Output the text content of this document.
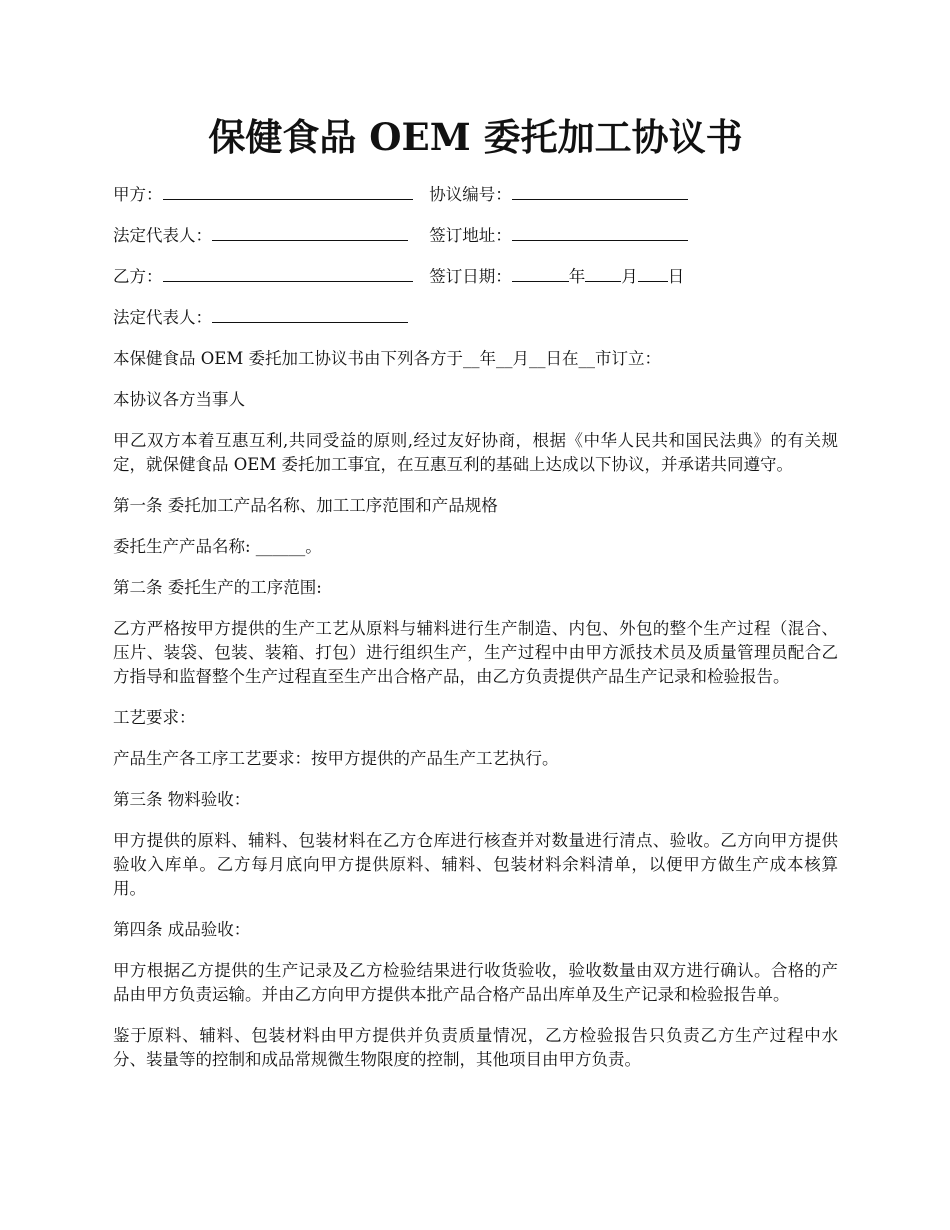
保健食品 OEM 委托加工协议书
甲方：	协议编号：
法定代表人：	签订地址：
乙方：	签订日期：	年 月 日
法定代表人：

本保健食品 OEM 委托加工协议书由下列各方于__年__月__日在__市订立：

本协议各方当事人

甲乙双方本着互惠互利,共同受益的原则,经过友好协商，根据《中华人民共和国民法典》的有关规定，就保健食品 OEM 委托加工事宜，在互惠互利的基础上达成以下协议，并承诺共同遵守。

第一条 委托加工产品名称、加工工序范围和产品规格

委托生产产品名称: ______。

第二条 委托生产的工序范围:

乙方严格按甲方提供的生产工艺从原料与辅料进行生产制造、内包、外包的整个生产过程（混合、压片、装袋、包装、装箱、打包）进行组织生产，生产过程中由甲方派技术员及质量管理员配合乙方指导和监督整个生产过程直至生产出合格产品，由乙方负责提供产品生产记录和检验报告。

工艺要求：

产品生产各工序工艺要求：按甲方提供的产品生产工艺执行。

第三条 物料验收：

甲方提供的原料、辅料、包装材料在乙方仓库进行核查并对数量进行清点、验收。乙方向甲方提供验收入库单。乙方每月底向甲方提供原料、辅料、包装材料余料清单，以便甲方做生产成本核算用。

第四条 成品验收：

甲方根据乙方提供的生产记录及乙方检验结果进行收货验收，验收数量由双方进行确认。合格的产品由甲方负责运输。并由乙方向甲方提供本批产品合格产品出库单及生产记录和检验报告单。

鉴于原料、辅料、包装材料由甲方提供并负责质量情况，乙方检验报告只负责乙方生产过程中水分、装量等的控制和成品常规微生物限度的控制，其他项目由甲方负责。
